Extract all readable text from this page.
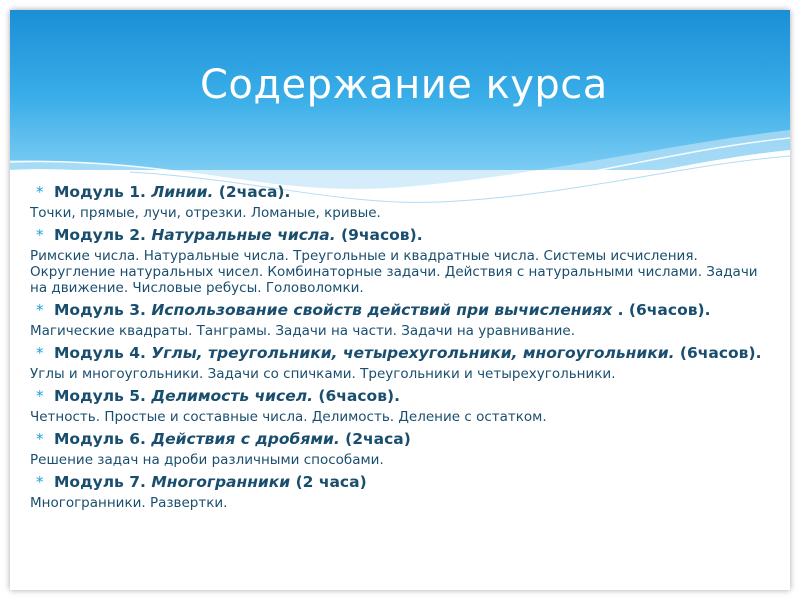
Содержание курса
* Модуль 1. Линии. (2часа).
Точки, прямые, лучи, отрезки. Ломаные, кривые.
* Модуль 2. Натуральные числа. (9часов).
Римские числа. Натуральные числа. Треугольные и квадратные числа. Системы исчисления. Округление натуральных чисел. Комбинаторные задачи. Действия с натуральными числами. Задачи на движение. Числовые ребусы. Головоломки.
* Модуль 3. Использование свойств действий при вычислениях . (6часов).
Магические квадраты. Танграмы. Задачи на части. Задачи на уравнивание.
* Модуль 4. Углы, треугольники, четырехугольники, многоугольники. (6часов).
Углы и многоугольники. Задачи со спичками. Треугольники и четырехугольники.
* Модуль 5. Делимость чисел. (6часов).
Четность. Простые и составные числа. Делимость. Деление с остатком.
* Модуль 6. Действия с дробями. (2часа)
Решение задач на дроби различными способами.
* Модуль 7. Многогранники (2 часа)
Многогранники. Развертки.
